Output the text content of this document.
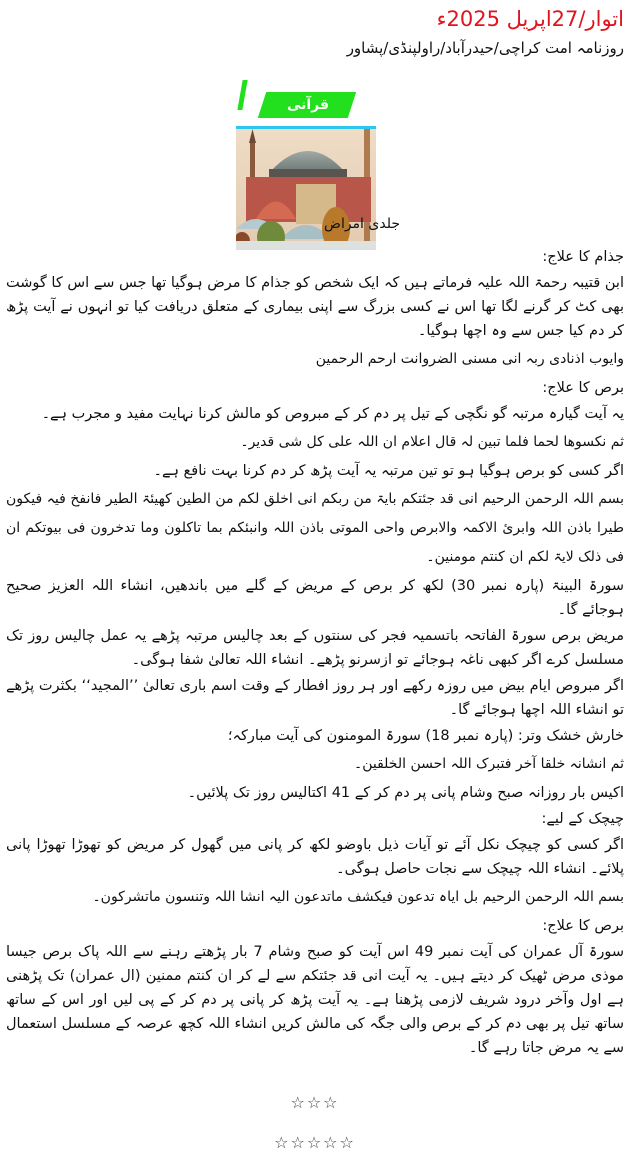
اتوار/27اپریل 2025ء
روزنامہ امت کراچی/حیدرآباد/راولپنڈی/پشاور
قرآنی
جلدی امراض

جذام کا علاج:

ابن قتیبہ رحمۃ اللہ علیہ فرماتے ہیں کہ ایک شخص کو جذام کا مرض ہوگیا تھا جس سے اس کا گوشت بھی کٹ کر گرنے لگا تھا اس نے کسی بزرگ سے اپنی بیماری کے متعلق دریافت کیا تو انہوں نے آیت پڑھ کر دم کیا جس سے وہ اچھا ہوگیا۔

وایوب اذنادی ربہ انی مسنی الضروانت ارحم الرحمین

برص کا علاج:

یہ آیت گیارہ مرتبہ گو نگچی کے تیل پر دم کر کے مبروص کو مالش کرنا نہایت مفید و مجرب ہے۔

ثم نکسوھا لحما فلما تبین لہ قال اعلام ان اللہ علی کل شی قدیر۔

اگر کسی کو برص ہوگیا ہو تو تین مرتبہ یہ آیت پڑھ کر دم کرنا بہت نافع ہے۔

بسم اللہ الرحمن الرحیم انی قد جئتکم بایۃ من ربکم انی اخلق لکم من الطین کھیئۃ الطیر فانفخ فیہ فیکون طیرا باذن اللہ وابرئ الاکمہ والابرص واحی الموتی باذن اللہ وانبئکم بما تاکلون وما تدخرون فی بیوتکم ان فی ذلک لایۃ لکم ان کنتم مومنین۔

سورۃ البینۃ (پارہ نمبر 30) لکھ کر برص کے مریض کے گلے میں باندھیں، انشاء اللہ العزیز صحیح ہوجائے گا۔

مریض برص سورۃ الفاتحہ باتسمیہ فجر کی سنتوں کے بعد چالیس مرتبہ پڑھے یہ عمل چالیس روز تک مسلسل کرے اگر کبھی ناغہ ہوجائے تو ازسرنو پڑھے۔ انشاء اللہ تعالیٰ شفا ہوگی۔

اگر مبروص ایام بیض میں روزہ رکھے اور ہر روز افطار کے وقت اسم باری تعالیٰ ’’المجید‘‘ بکثرت پڑھے تو انشاء اللہ اچھا ہوجائے گا۔

خارش خشک وتر: (پارہ نمبر 18) سورۃ المومنون کی آیت مبارکہ؛

ثم انشانہ خلقا آخر فتبرک اللہ احسن الخلقین۔

اکیس بار روزانہ صبح وشام پانی پر دم کر کے 41 اکتالیس روز تک پلائیں۔

چیچک کے لیے:

اگر کسی کو چیچک نکل آئے تو آیات ذیل باوضو لکھ کر پانی میں گھول کر مریض کو تھوڑا تھوڑا پانی پلائے۔ انشاء اللہ چیچک سے نجات حاصل ہوگی۔

بسم اللہ الرحمن الرحیم بل ایاہ تدعون فیکشف ماتدعون الیہ انشا اللہ وتنسون ماتشرکون۔

برص کا علاج:

سورۃ آل عمران کی آیت نمبر 49 اس آیت کو صبح وشام 7 بار پڑھتے رہنے سے اللہ پاک برص جیسا موذی مرض ٹھیک کر دیتے ہیں۔ یہ آیت انی قد جئتکم سے لے کر ان کنتم ممنین (ال عمران) تک پڑھنی ہے اول وآخر درود شریف لازمی پڑھنا ہے۔ یہ آیت پڑھ کر پانی پر دم کر کے پی لیں اور اس کے ساتھ ساتھ تیل پر بھی دم کر کے برص والی جگہ کی مالش کریں انشاء اللہ کچھ عرصہ کے مسلسل استعمال سے یہ مرض جاتا رہے گا۔

☆☆☆
☆☆☆☆☆
